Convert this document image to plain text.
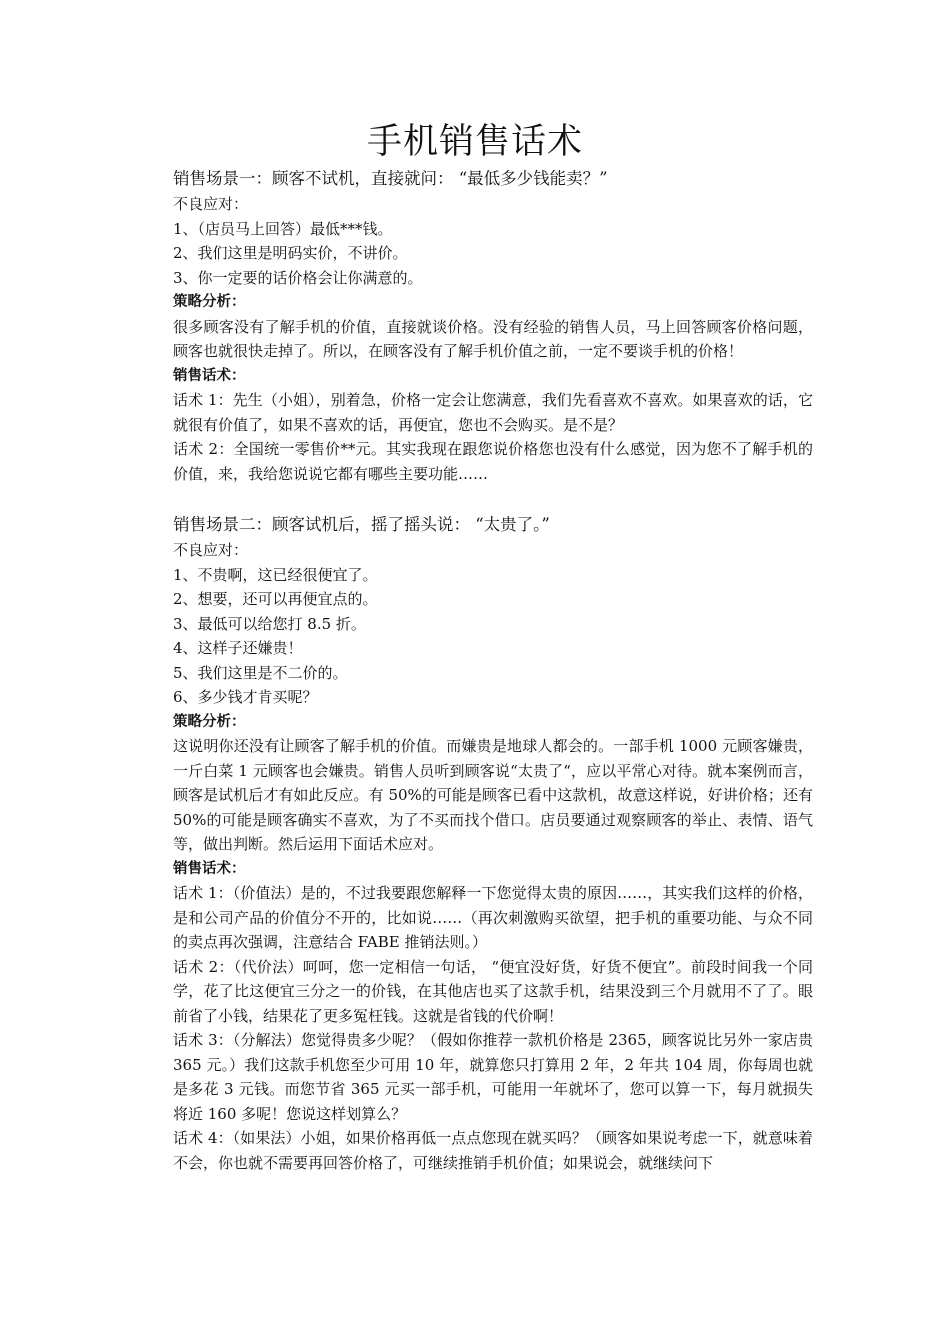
手机销售话术

销售场景一：顾客不试机，直接就问： “最低多少钱能卖？”

不良应对：

1、（店员马上回答）最低***钱。

2、我们这里是明码实价，不讲价。

3、你一定要的话价格会让你满意的。

策略分析：

很多顾客没有了解手机的价值，直接就谈价格。没有经验的销售人员，马上回答顾客价格问题，顾客也就很快走掉了。所以，在顾客没有了解手机价值之前，一定不要谈手机的价格！

销售话术：

话术 1：先生（小姐），别着急，价格一定会让您满意，我们先看喜欢不喜欢。如果喜欢的话，它就很有价值了，如果不喜欢的话，再便宜，您也不会购买。是不是？

话术 2：全国统一零售价**元。其实我现在跟您说价格您也没有什么感觉，因为您不了解手机的价值，来，我给您说说它都有哪些主要功能……

销售场景二：顾客试机后，摇了摇头说： “太贵了。”

不良应对：

1、不贵啊，这已经很便宜了。

2、想要，还可以再便宜点的。

3、最低可以给您打 8.5 折。

4、这样子还嫌贵！

5、我们这里是不二价的。

6、多少钱才肯买呢？

策略分析：

这说明你还没有让顾客了解手机的价值。而嫌贵是地球人都会的。一部手机 1000 元顾客嫌贵，一斤白菜 1 元顾客也会嫌贵。销售人员听到顾客说“太贵了“，应以平常心对待。就本案例而言，顾客是试机后才有如此反应。有 50%的可能是顾客已看中这款机，故意这样说，好讲价格；还有 50%的可能是顾客确实不喜欢，为了不买而找个借口。店员要通过观察顾客的举止、表情、语气等，做出判断。然后运用下面话术应对。

销售话术：

话术 1：（价值法）是的，不过我要跟您解释一下您觉得太贵的原因……，其实我们这样的价格，是和公司产品的价值分不开的，比如说……（再次刺激购买欲望，把手机的重要功能、与众不同的卖点再次强调，注意结合 FABE 推销法则。）

话术 2：（代价法）呵呵，您一定相信一句话， “便宜没好货，好货不便宜”。前段时间我一个同学，花了比这便宜三分之一的价钱，在其他店也买了这款手机，结果没到三个月就用不了了。眼前省了小钱，结果花了更多冤枉钱。这就是省钱的代价啊！

话术 3：（分解法）您觉得贵多少呢？（假如你推荐一款机价格是 2365，顾客说比另外一家店贵 365 元。）我们这款手机您至少可用 10 年，就算您只打算用 2 年，2 年共 104 周，你每周也就是多花 3 元钱。而您节省 365 元买一部手机，可能用一年就坏了，您可以算一下，每月就损失将近 160 多呢！您说这样划算么？

话术 4：（如果法）小姐，如果价格再低一点点您现在就买吗？（顾客如果说考虑一下，就意味着不会，你也就不需要再回答价格了，可继续推销手机价值；如果说会，就继续问下
